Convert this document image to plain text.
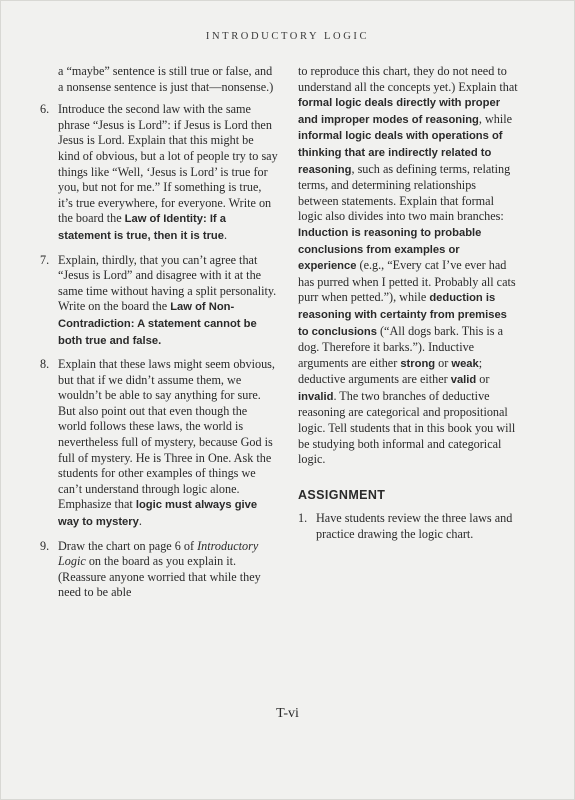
INTRODUCTORY LOGIC

a “maybe” sentence is still true or false, and a nonsense sentence is just that—nonsense.)

6. Introduce the second law with the same phrase “Jesus is Lord”: if Jesus is Lord then Jesus is Lord. Explain that this might be kind of obvious, but a lot of people try to say things like “Well, ‘Jesus is Lord’ is true for you, but not for me.” If something is true, it’s true everywhere, for everyone. Write on the board the Law of Identity: If a statement is true, then it is true.
7. Explain, thirdly, that you can’t agree that “Jesus is Lord” and disagree with it at the same time without having a split personality. Write on the board the Law of Non-Contradiction: A statement cannot be both true and false.
8. Explain that these laws might seem obvious, but that if we didn’t assume them, we wouldn’t be able to say anything for sure. But also point out that even though the world follows these laws, the world is nevertheless full of mystery, because God is full of mystery. He is Three in One. Ask the students for other examples of things we can’t understand through logic alone. Emphasize that logic must always give way to mystery.
9. Draw the chart on page 6 of Introductory Logic on the board as you explain it. (Reassure anyone worried that while they need to be able

to reproduce this chart, they do not need to understand all the concepts yet.) Explain that formal logic deals directly with proper and improper modes of reasoning, while informal logic deals with operations of thinking that are indirectly related to reasoning, such as defining terms, relating terms, and determining relationships between statements. Explain that formal logic also divides into two main branches: Induction is reasoning to probable conclusions from examples or experience (e.g., “Every cat I’ve ever had has purred when I petted it. Probably all cats purr when petted.”), while deduction is reasoning with certainty from premises to conclusions (“All dogs bark. This is a dog. Therefore it barks.”). Inductive arguments are either strong or weak; deductive arguments are either valid or invalid. The two branches of deductive reasoning are categorical and propositional logic. Tell students that in this book you will be studying both informal and categorical logic.

ASSIGNMENT
1. Have students review the three laws and practice drawing the logic chart.
T-vi
